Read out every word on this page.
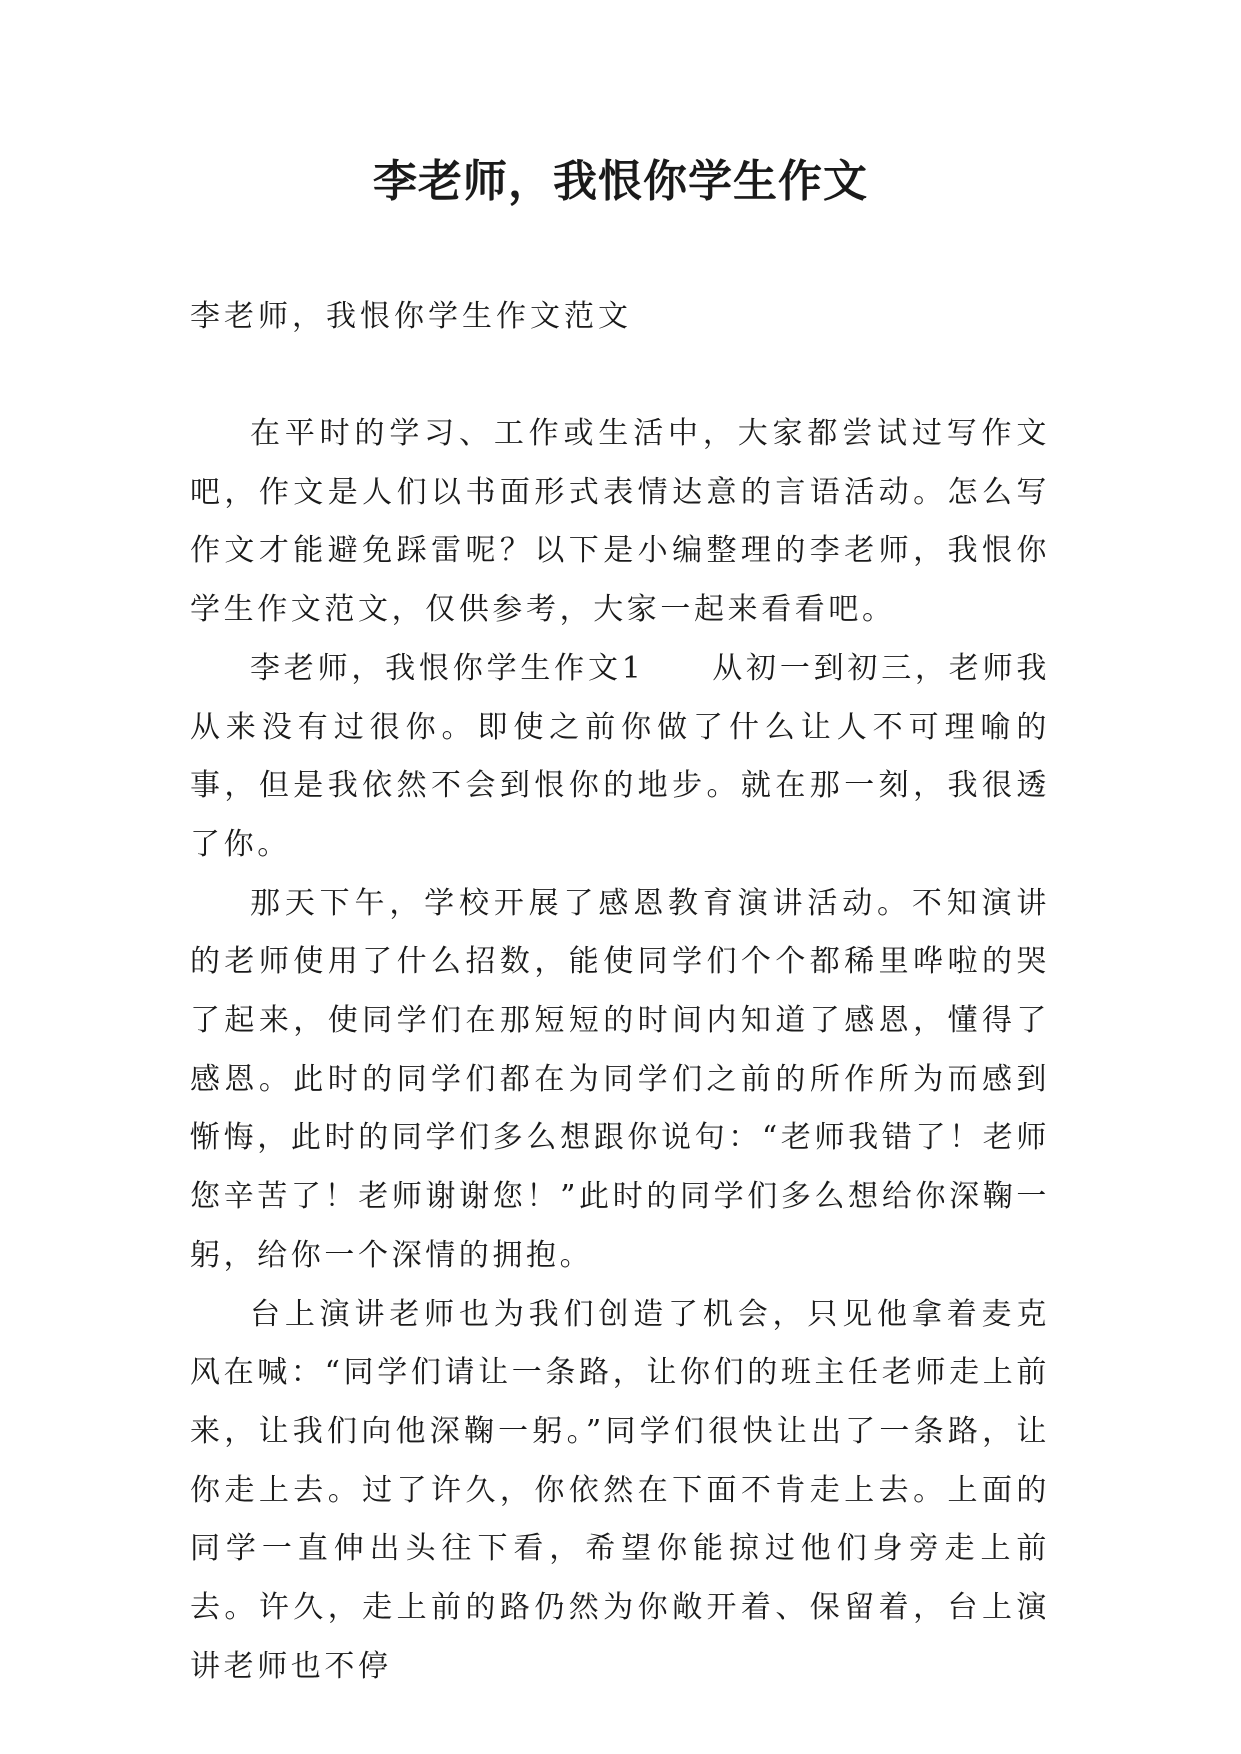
李老师，我恨你学生作文
李老师，我恨你学生作文范文

在平时的学习、工作或生活中，大家都尝试过写作文吧，作文是人们以书面形式表情达意的言语活动。怎么写作文才能避免踩雷呢？以下是小编整理的李老师，我恨你学生作文范文，仅供参考，大家一起来看看吧。

李老师，我恨你学生作文1　　从初一到初三，老师我从来没有过很你。即使之前你做了什么让人不可理喻的事，但是我依然不会到恨你的地步。就在那一刻，我很透了你。

那天下午，学校开展了感恩教育演讲活动。不知演讲的老师使用了什么招数，能使同学们个个都稀里哗啦的哭了起来，使同学们在那短短的时间内知道了感恩，懂得了感恩。此时的同学们都在为同学们之前的所作所为而感到惭悔，此时的同学们多么想跟你说句：“老师我错了！老师您辛苦了！老师谢谢您！”此时的同学们多么想给你深鞠一躬，给你一个深情的拥抱。

台上演讲老师也为我们创造了机会，只见他拿着麦克风在喊：“同学们请让一条路，让你们的班主任老师走上前来，让我们向他深鞠一躬。”同学们很快让出了一条路，让你走上去。过了许久，你依然在下面不肯走上去。上面的同学一直伸出头往下看，希望你能掠过他们身旁走上前去。许久，走上前的路仍然为你敞开着、保留着，台上演讲老师也不停
